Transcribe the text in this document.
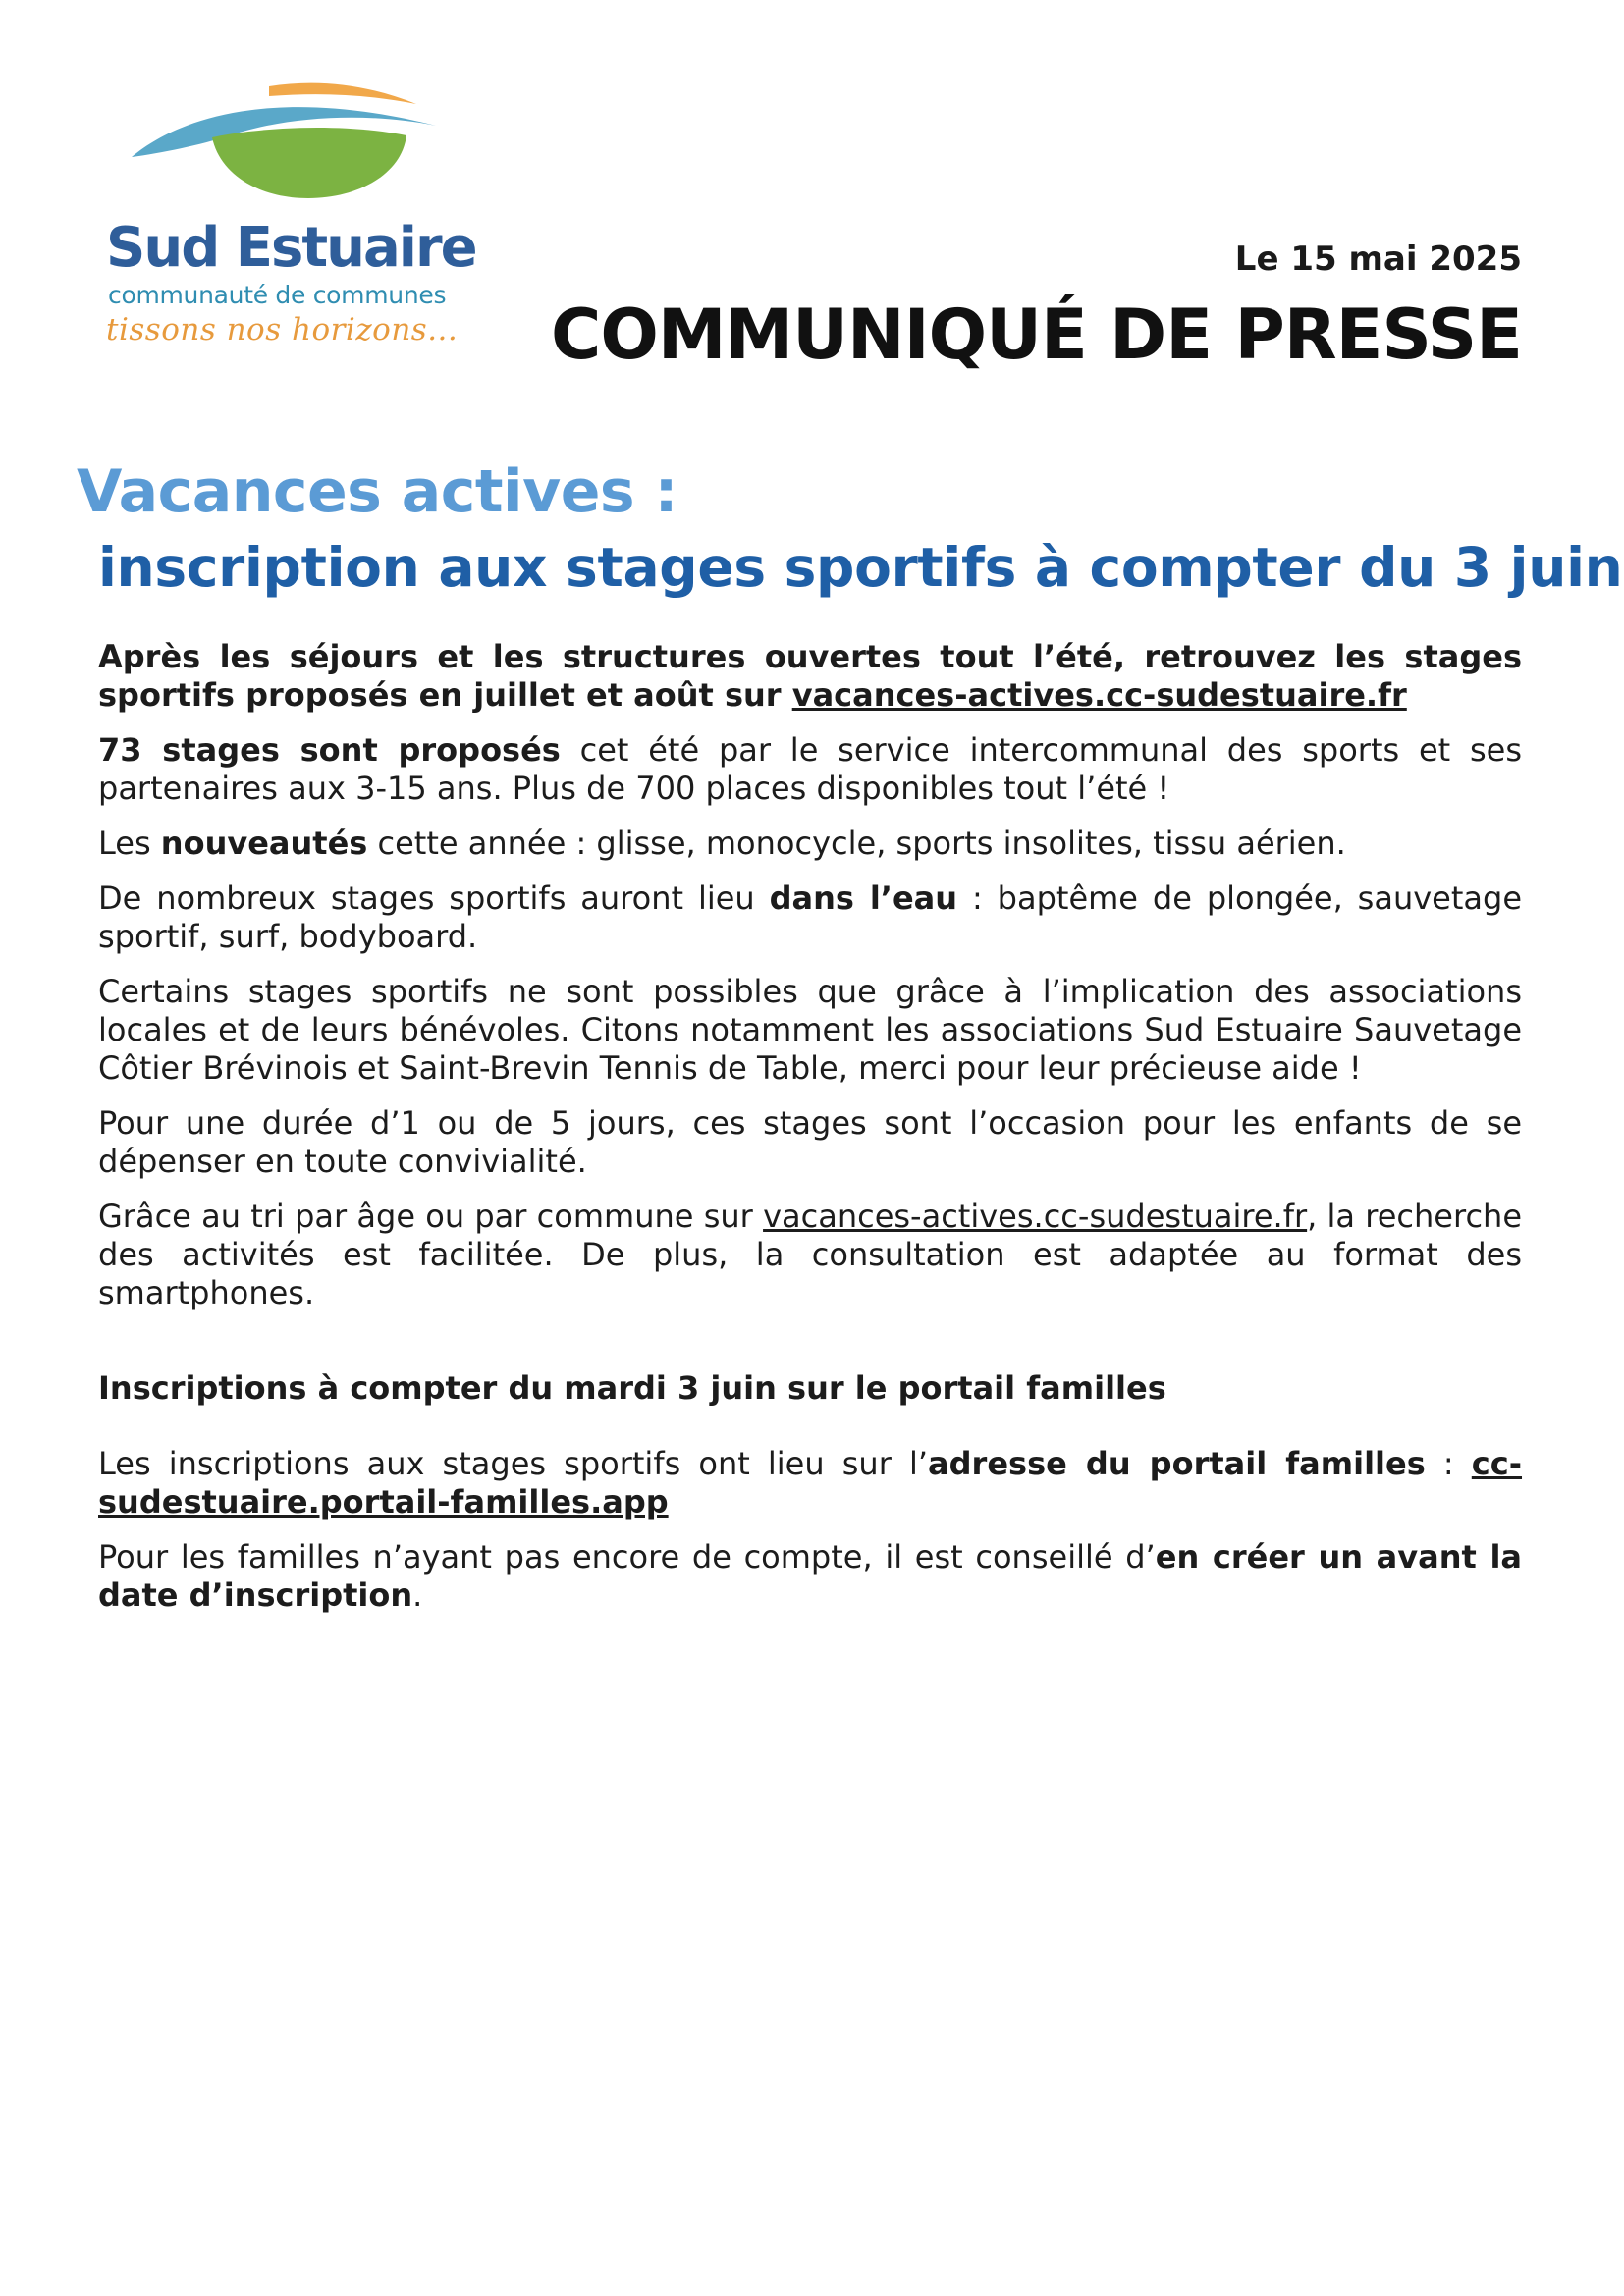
Sud Estuaire
communauté de communes
tissons nos horizons...
Le 15 mai 2025
COMMUNIQUÉ DE PRESSE
Vacances actives :
inscription aux stages sportifs à compter du 3 juin

Après les séjours et les structures ouvertes tout l’été, retrouvez les stages sportifs proposés en juillet et août sur vacances-actives.cc-sudestuaire.fr

73 stages sont proposés cet été par le service intercommunal des sports et ses partenaires aux 3-15 ans. Plus de 700 places disponibles tout l’été !

Les nouveautés cette année : glisse, monocycle, sports insolites, tissu aérien.

De nombreux stages sportifs auront lieu dans l’eau : baptême de plongée, sauvetage sportif, surf, bodyboard.

Certains stages sportifs ne sont possibles que grâce à l’implication des associations locales et de leurs bénévoles. Citons notamment les associations Sud Estuaire Sauvetage Côtier Brévinois et Saint-Brevin Tennis de Table, merci pour leur précieuse aide !

Pour une durée d’1 ou de 5 jours, ces stages sont l’occasion pour les enfants de se dépenser en toute convivialité.

Grâce au tri par âge ou par commune sur vacances-actives.cc-sudestuaire.fr, la recherche des activités est facilitée. De plus, la consultation est adaptée au format des smartphones.

Inscriptions à compter du mardi 3 juin sur le portail familles

Les inscriptions aux stages sportifs ont lieu sur l’adresse du portail familles : cc-sudestuaire.portail-familles.app

Pour les familles n’ayant pas encore de compte, il est conseillé d’en créer un avant la date d’inscription.
